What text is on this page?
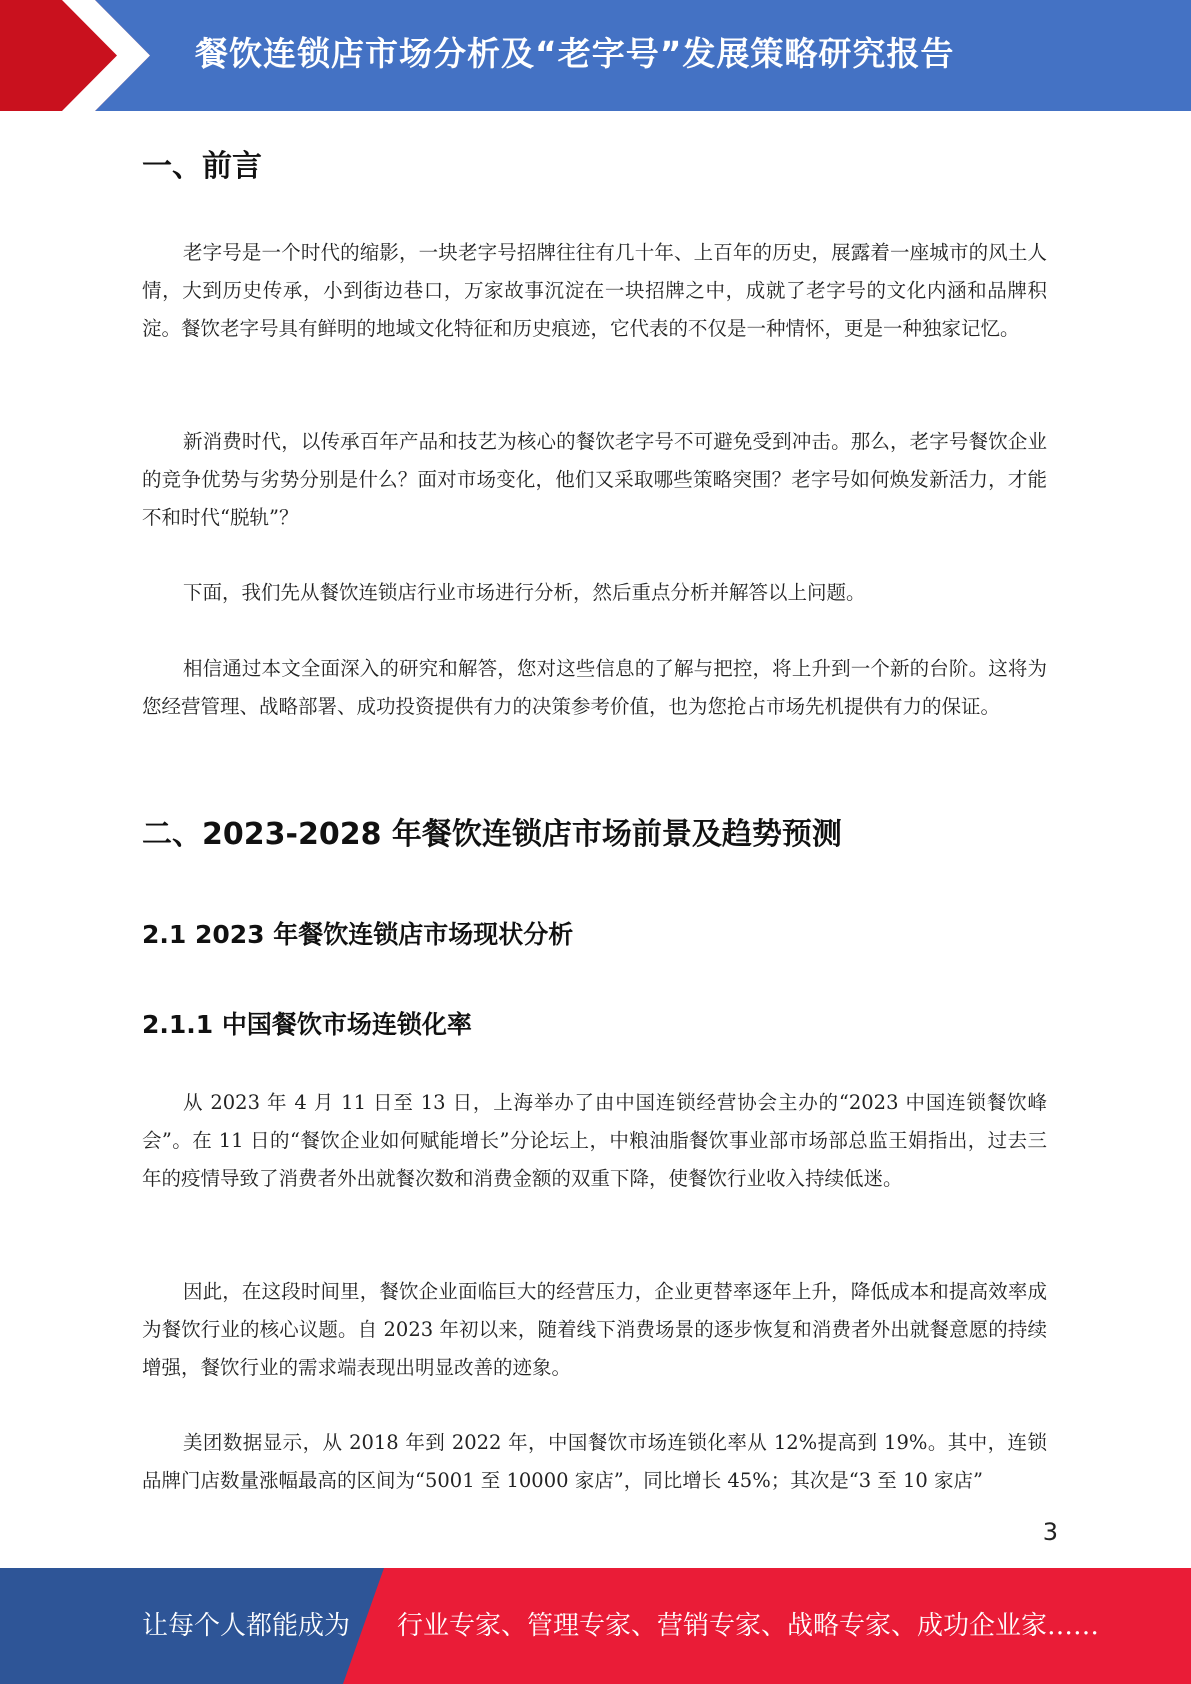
餐饮连锁店市场分析及“老字号”发展策略研究报告
一、前言
老字号是一个时代的缩影，一块老字号招牌往往有几十年、上百年的历史，展露着一座城市的风土人情，大到历史传承，小到街边巷口，万家故事沉淀在一块招牌之中，成就了老字号的文化内涵和品牌积淀。餐饮老字号具有鲜明的地域文化特征和历史痕迹，它代表的不仅是一种情怀，更是一种独家记忆。
新消费时代，以传承百年产品和技艺为核心的餐饮老字号不可避免受到冲击。那么，老字号餐饮企业的竞争优势与劣势分别是什么？面对市场变化，他们又采取哪些策略突围？老字号如何焕发新活力，才能不和时代“脱轨”？
下面，我们先从餐饮连锁店行业市场进行分析，然后重点分析并解答以上问题。
相信通过本文全面深入的研究和解答，您对这些信息的了解与把控，将上升到一个新的台阶。这将为您经营管理、战略部署、成功投资提供有力的决策参考价值，也为您抢占市场先机提供有力的保证。
二、2023-2028 年餐饮连锁店市场前景及趋势预测
2.1 2023 年餐饮连锁店市场现状分析
2.1.1 中国餐饮市场连锁化率
从 2023 年 4 月 11 日至 13 日，上海举办了由中国连锁经营协会主办的“2023 中国连锁餐饮峰会”。在 11 日的“餐饮企业如何赋能增长”分论坛上，中粮油脂餐饮事业部市场部总监王娟指出，过去三年的疫情导致了消费者外出就餐次数和消费金额的双重下降，使餐饮行业收入持续低迷。
因此，在这段时间里，餐饮企业面临巨大的经营压力，企业更替率逐年上升，降低成本和提高效率成为餐饮行业的核心议题。自 2023 年初以来，随着线下消费场景的逐步恢复和消费者外出就餐意愿的持续增强，餐饮行业的需求端表现出明显改善的迹象。
美团数据显示，从 2018 年到 2022 年，中国餐饮市场连锁化率从 12%提高到 19%。其中，连锁品牌门店数量涨幅最高的区间为“5001 至 10000 家店”，同比增长 45%；其次是“3 至 10 家店”
3
让每个人都能成为 行业专家、管理专家、营销专家、战略专家、成功企业家……
